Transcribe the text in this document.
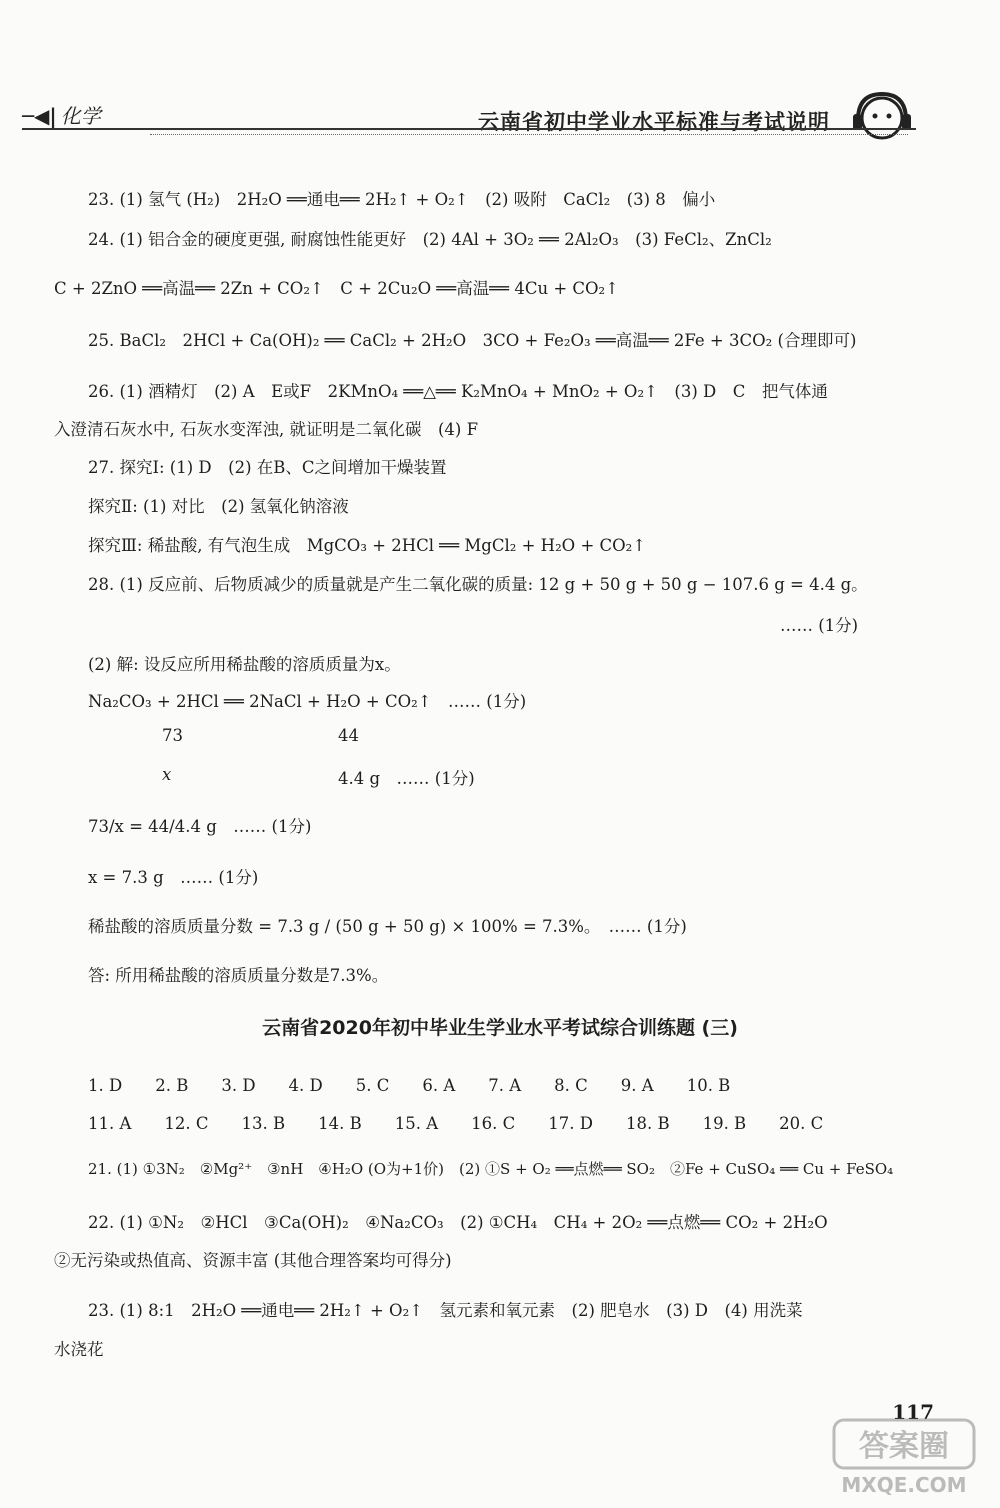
─◀| 化学	云南省初中学业水平标准与考试说明
23. (1) 氢气 (H₂)　2H₂O ══通电══ 2H₂↑ + O₂↑　(2) 吸附　CaCl₂　(3) 8　偏小
24. (1) 铝合金的硬度更强, 耐腐蚀性能更好　(2) 4Al + 3O₂ ══ 2Al₂O₃　(3) FeCl₂、ZnCl₂
C + 2ZnO ══高温══ 2Zn + CO₂↑　C + 2Cu₂O ══高温══ 4Cu + CO₂↑
25. BaCl₂　2HCl + Ca(OH)₂ ══ CaCl₂ + 2H₂O　3CO + Fe₂O₃ ══高温══ 2Fe + 3CO₂ (合理即可)
26. (1) 酒精灯　(2) A　E或F　2KMnO₄ ══△══ K₂MnO₄ + MnO₂ + O₂↑　(3) D　C　把气体通
入澄清石灰水中, 石灰水变浑浊, 就证明是二氧化碳　(4) F
27. 探究Ⅰ: (1) D　(2) 在B、C之间增加干燥装置
探究Ⅱ: (1) 对比　(2) 氢氧化钠溶液
探究Ⅲ: 稀盐酸, 有气泡生成　MgCO₃ + 2HCl ══ MgCl₂ + H₂O + CO₂↑
28. (1) 反应前、后物质减少的质量就是产生二氧化碳的质量: 12 g + 50 g + 50 g − 107.6 g = 4.4 g。
…… (1分)
(2) 解: 设反应所用稀盐酸的溶质质量为x。
Na₂CO₃ + 2HCl ══ 2NaCl + H₂O + CO₂↑　…… (1分)
73	44
x	4.4 g　…… (1分)
73/x = 44/4.4 g　…… (1分)
x = 7.3 g　…… (1分)
稀盐酸的溶质质量分数 = 7.3 g / (50 g + 50 g) × 100% = 7.3%。　…… (1分)
答: 所用稀盐酸的溶质质量分数是7.3%。
云南省2020年初中毕业生学业水平考试综合训练题 (三)
1. D　　2. B　　3. D　　4. D　　5. C　　6. A　　7. A　　8. C　　9. A　　10. B
11. A　　12. C　　13. B　　14. B　　15. A　　16. C　　17. D　　18. B　　19. B　　20. C
21. (1) ①3N₂　②Mg²⁺　③nH　④H₂O (O为+1价)　(2) ①S + O₂ ══点燃══ SO₂　②Fe + CuSO₄ ══ Cu + FeSO₄
22. (1) ①N₂　②HCl　③Ca(OH)₂　④Na₂CO₃　(2) ①CH₄　CH₄ + 2O₂ ══点燃══ CO₂ + 2H₂O
②无污染或热值高、资源丰富 (其他合理答案均可得分)
23. (1) 8:1　2H₂O ══通电══ 2H₂↑ + O₂↑　氢元素和氧元素　(2) 肥皂水　(3) D　(4) 用洗菜
水浇花
117
答案圈
MXQE.COM
